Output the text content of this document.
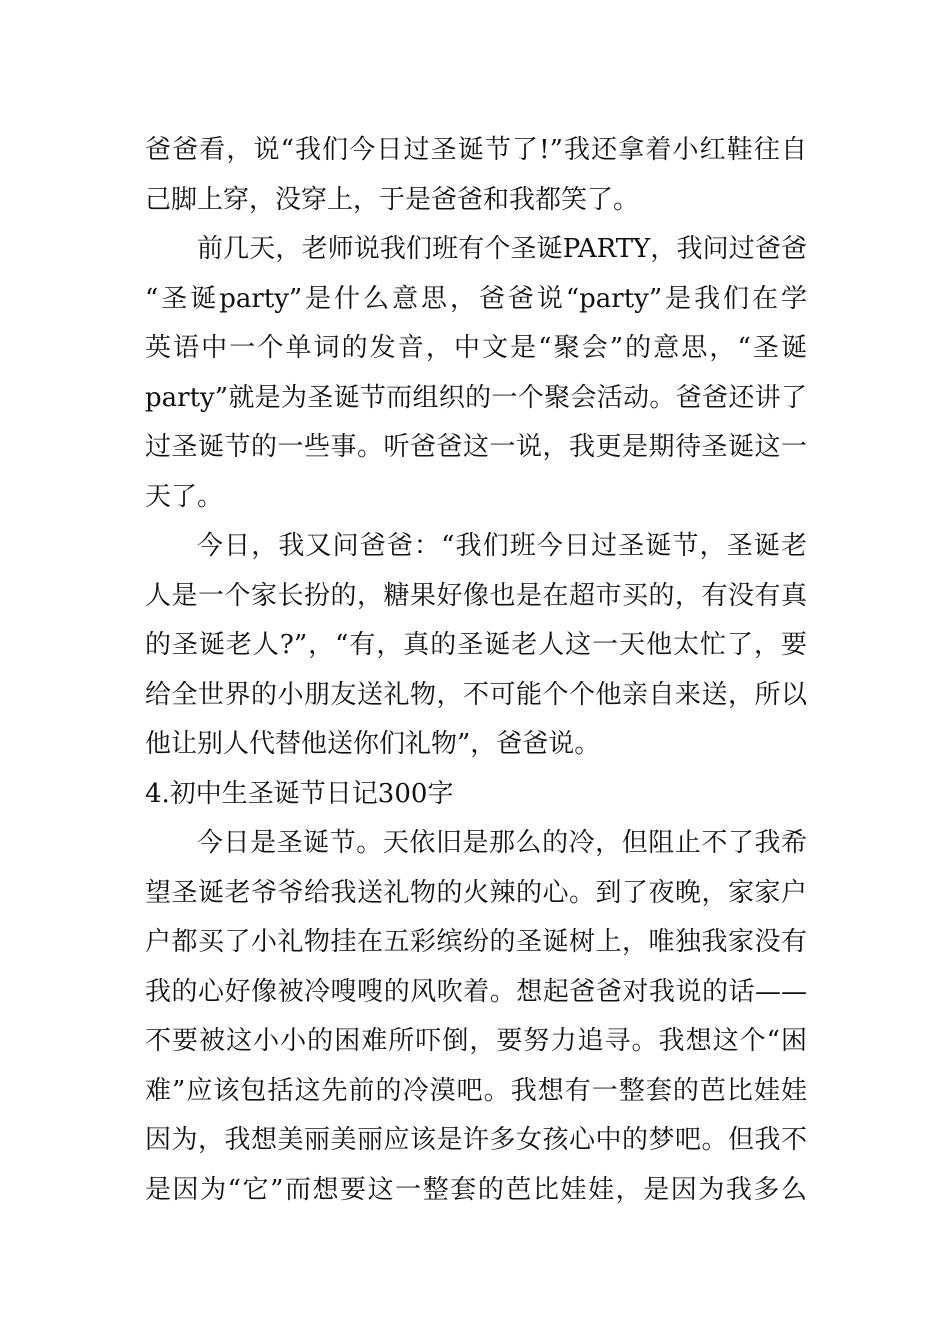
爸爸看，说“我们今日过圣诞节了!”我还拿着小红鞋往自
己脚上穿，没穿上，于是爸爸和我都笑了。
前几天，老师说我们班有个圣诞PARTY，我问过爸爸
“圣诞party”是什么意思，爸爸说“party”是我们在学
英语中一个单词的发音，中文是“聚会”的意思，“圣诞
party”就是为圣诞节而组织的一个聚会活动。爸爸还讲了
过圣诞节的一些事。听爸爸这一说，我更是期待圣诞这一
天了。
今日，我又问爸爸：“我们班今日过圣诞节，圣诞老
人是一个家长扮的，糖果好像也是在超市买的，有没有真
的圣诞老人?”，“有，真的圣诞老人这一天他太忙了，要
给全世界的小朋友送礼物，不可能个个他亲自来送，所以
他让别人代替他送你们礼物”，爸爸说。
4.初中生圣诞节日记300字
今日是圣诞节。天依旧是那么的冷，但阻止不了我希
望圣诞老爷爷给我送礼物的火辣的心。到了夜晚，家家户
户都买了小礼物挂在五彩缤纷的圣诞树上，唯独我家没有
我的心好像被冷嗖嗖的风吹着。想起爸爸对我说的话——
不要被这小小的困难所吓倒，要努力追寻。我想这个“困
难”应该包括这先前的冷漠吧。我想有一整套的芭比娃娃
因为，我想美丽美丽应该是许多女孩心中的梦吧。但我不
是因为“它”而想要这一整套的芭比娃娃，是因为我多么
